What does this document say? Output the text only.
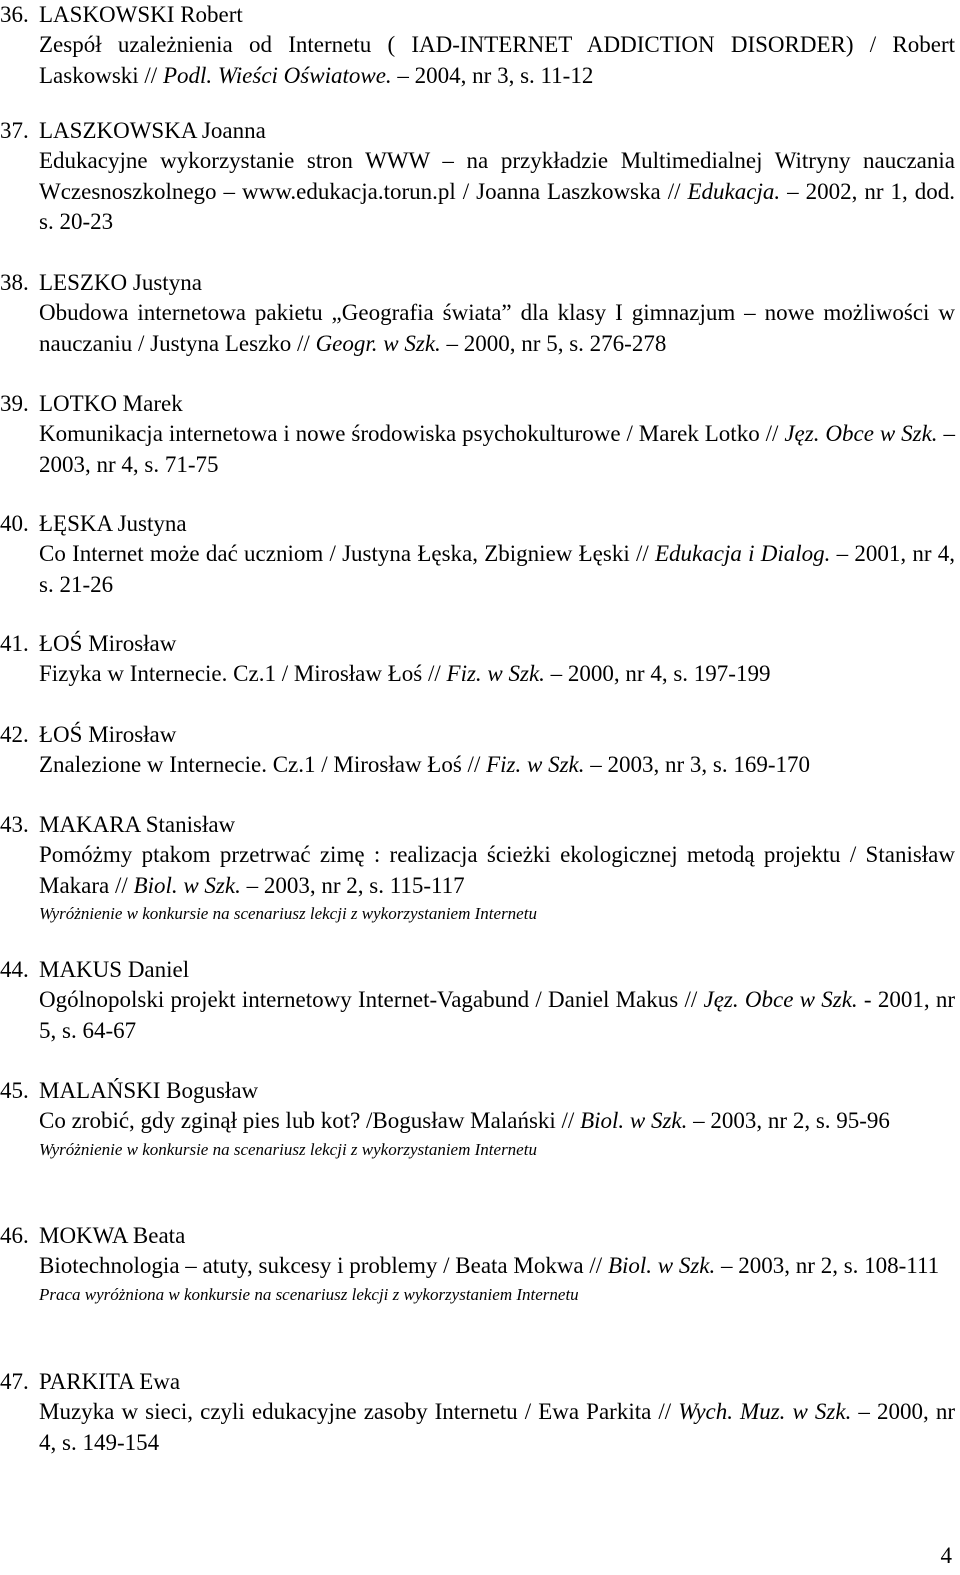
36. LASKOWSKI Robert
Zespół uzależnienia od Internetu ( IAD-INTERNET ADDICTION DISORDER) / Robert Laskowski // Podl. Wieści Oświatowe. – 2004, nr 3, s. 11-12
37. LASZKOWSKA Joanna
Edukacyjne wykorzystanie stron WWW – na przykładzie Multimedialnej Witryny nauczania Wczesnoszkolnego – www.edukacja.torun.pl / Joanna Laszkowska // Edukacja. – 2002, nr 1, dod. s. 20-23
38. LESZKO Justyna
Obudowa internetowa pakietu „Geografia świata” dla klasy I gimnazjum – nowe możliwości w nauczaniu / Justyna Leszko // Geogr. w Szk. – 2000, nr 5, s. 276-278
39. LOTKO Marek
Komunikacja internetowa i nowe środowiska psychokulturowe / Marek Lotko // Jęz. Obce w Szk. – 2003, nr 4, s. 71-75
40. ŁĘSKA Justyna
Co Internet może dać uczniom / Justyna Łęska, Zbigniew Łęski // Edukacja i Dialog. – 2001, nr 4, s. 21-26
41. ŁOŚ Mirosław
Fizyka w Internecie. Cz.1 / Mirosław Łoś // Fiz. w Szk. – 2000, nr 4, s. 197-199
42. ŁOŚ Mirosław
Znalezione w Internecie. Cz.1 / Mirosław Łoś // Fiz. w Szk. – 2003, nr 3, s. 169-170
43. MAKARA Stanisław
Pomóżmy ptakom przetrwać zimę : realizacja ścieżki ekologicznej metodą projektu / Stanisław Makara // Biol. w Szk. – 2003, nr 2, s. 115-117
Wyróżnienie w konkursie na scenariusz lekcji z wykorzystaniem Internetu
44. MAKUS Daniel
Ogólnopolski projekt internetowy Internet-Vagabund / Daniel Makus // Jęz. Obce w Szk. - 2001, nr 5, s. 64-67
45. MALAŃSKI Bogusław
Co zrobić, gdy zginął pies lub kot? /Bogusław Malański // Biol. w Szk. – 2003, nr 2, s. 95-96
Wyróżnienie w konkursie na scenariusz lekcji z wykorzystaniem Internetu
46. MOKWA Beata
Biotechnologia – atuty, sukcesy i problemy / Beata Mokwa // Biol. w Szk. – 2003, nr 2, s. 108-111
Praca wyróżniona w konkursie na scenariusz lekcji z wykorzystaniem Internetu
47. PARKITA Ewa
Muzyka w sieci, czyli edukacyjne zasoby Internetu / Ewa Parkita // Wych. Muz. w Szk. – 2000, nr 4, s. 149-154
4
